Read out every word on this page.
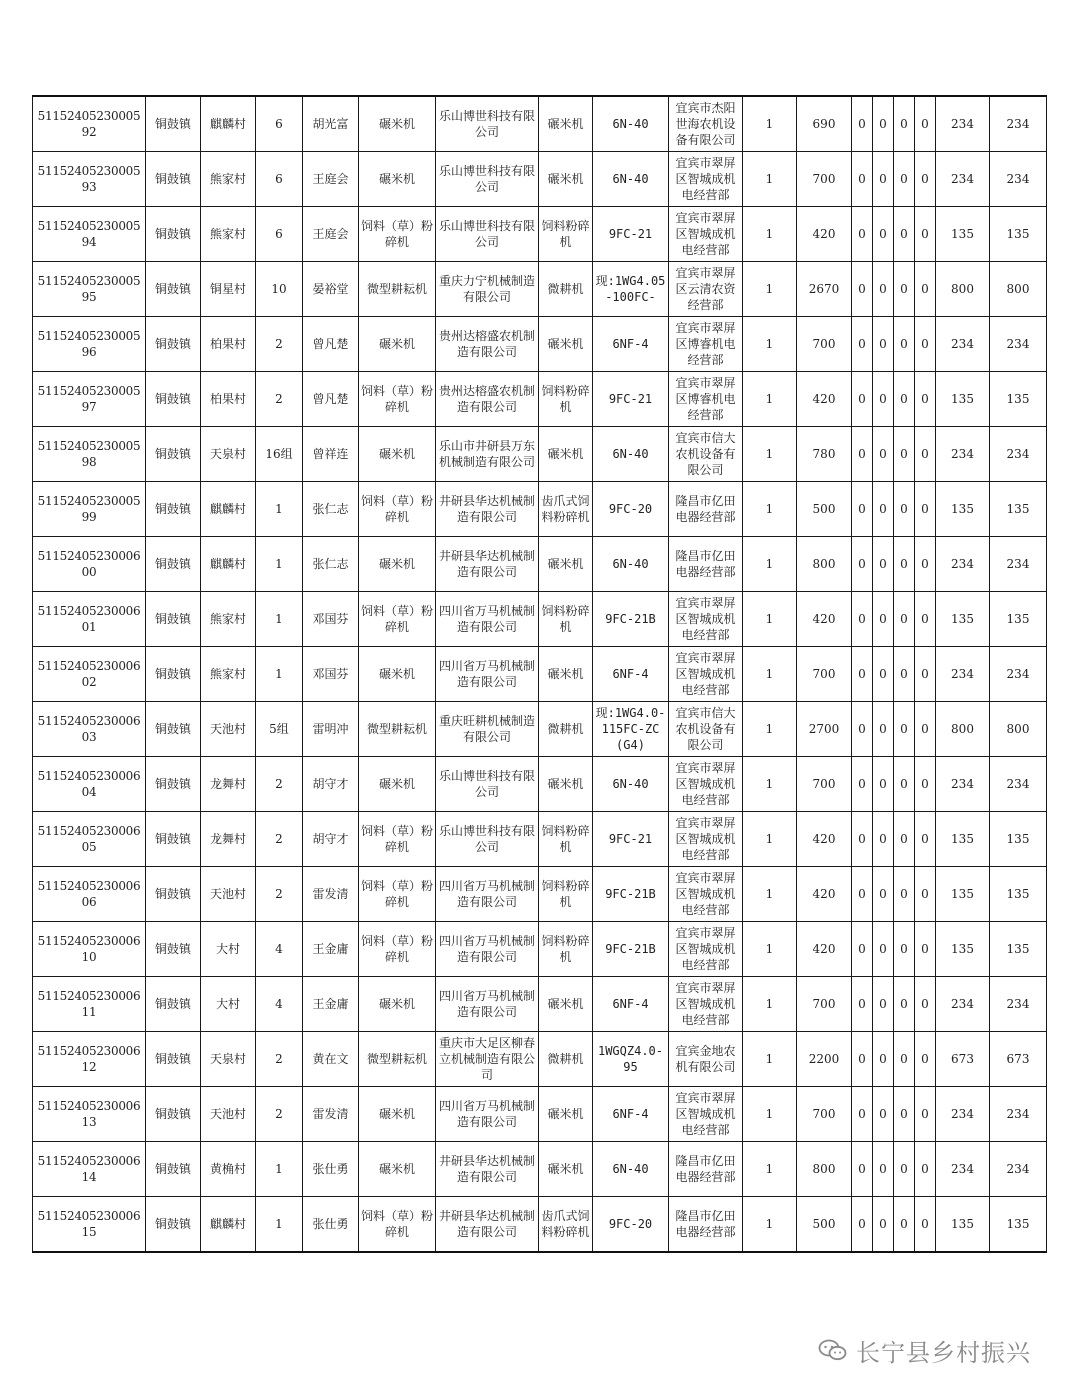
5115240523000592	铜鼓镇	麒麟村	6	胡光富	碾米机	乐山博世科技有限公司	碾米机	6N-40	宜宾市杰阳世海农机设备有限公司	1	690	0	0	0	0	234	234
5115240523000593	铜鼓镇	熊家村	6	王庭会	碾米机	乐山博世科技有限公司	碾米机	6N-40	宜宾市翠屏区智城成机电经营部	1	700	0	0	0	0	234	234
5115240523000594	铜鼓镇	熊家村	6	王庭会	饲料（草）粉碎机	乐山博世科技有限公司	饲料粉碎机	9FC-21	宜宾市翠屏区智城成机电经营部	1	420	0	0	0	0	135	135
5115240523000595	铜鼓镇	铜星村	10	晏裕堂	微型耕耘机	重庆力宁机械制造有限公司	微耕机	现:1WG4.05-100FC-	宜宾市翠屏区云清农资经营部	1	2670	0	0	0	0	800	800
5115240523000596	铜鼓镇	柏果村	2	曾凡楚	碾米机	贵州达榕盛农机制造有限公司	碾米机	6NF-4	宜宾市翠屏区博睿机电经营部	1	700	0	0	0	0	234	234
5115240523000597	铜鼓镇	柏果村	2	曾凡楚	饲料（草）粉碎机	贵州达榕盛农机制造有限公司	饲料粉碎机	9FC-21	宜宾市翠屏区博睿机电经营部	1	420	0	0	0	0	135	135
5115240523000598	铜鼓镇	天泉村	16组	曾祥连	碾米机	乐山市井研县万东机械制造有限公司	碾米机	6N-40	宜宾市信大农机设备有限公司	1	780	0	0	0	0	234	234
5115240523000599	铜鼓镇	麒麟村	1	张仁志	饲料（草）粉碎机	井研县华达机械制造有限公司	齿爪式饲料粉碎机	9FC-20	隆昌市亿田电器经营部	1	500	0	0	0	0	135	135
5115240523000600	铜鼓镇	麒麟村	1	张仁志	碾米机	井研县华达机械制造有限公司	碾米机	6N-40	隆昌市亿田电器经营部	1	800	0	0	0	0	234	234
5115240523000601	铜鼓镇	熊家村	1	邓国芬	饲料（草）粉碎机	四川省万马机械制造有限公司	饲料粉碎机	9FC-21B	宜宾市翠屏区智城成机电经营部	1	420	0	0	0	0	135	135
5115240523000602	铜鼓镇	熊家村	1	邓国芬	碾米机	四川省万马机械制造有限公司	碾米机	6NF-4	宜宾市翠屏区智城成机电经营部	1	700	0	0	0	0	234	234
5115240523000603	铜鼓镇	天池村	5组	雷明冲	微型耕耘机	重庆旺耕机械制造有限公司	微耕机	现:1WG4.0-115FC-ZC(G4)	宜宾市信大农机设备有限公司	1	2700	0	0	0	0	800	800
5115240523000604	铜鼓镇	龙舞村	2	胡守才	碾米机	乐山博世科技有限公司	碾米机	6N-40	宜宾市翠屏区智城成机电经营部	1	700	0	0	0	0	234	234
5115240523000605	铜鼓镇	龙舞村	2	胡守才	饲料（草）粉碎机	乐山博世科技有限公司	饲料粉碎机	9FC-21	宜宾市翠屏区智城成机电经营部	1	420	0	0	0	0	135	135
5115240523000606	铜鼓镇	天池村	2	雷发清	饲料（草）粉碎机	四川省万马机械制造有限公司	饲料粉碎机	9FC-21B	宜宾市翠屏区智城成机电经营部	1	420	0	0	0	0	135	135
5115240523000610	铜鼓镇	大村	4	王金庸	饲料（草）粉碎机	四川省万马机械制造有限公司	饲料粉碎机	9FC-21B	宜宾市翠屏区智城成机电经营部	1	420	0	0	0	0	135	135
5115240523000611	铜鼓镇	大村	4	王金庸	碾米机	四川省万马机械制造有限公司	碾米机	6NF-4	宜宾市翠屏区智城成机电经营部	1	700	0	0	0	0	234	234
5115240523000612	铜鼓镇	天泉村	2	黄在文	微型耕耘机	重庆市大足区柳春立机械制造有限公司	微耕机	1WGQZ4.0-95	宜宾金地农机有限公司	1	2200	0	0	0	0	673	673
5115240523000613	铜鼓镇	天池村	2	雷发清	碾米机	四川省万马机械制造有限公司	碾米机	6NF-4	宜宾市翠屏区智城成机电经营部	1	700	0	0	0	0	234	234
5115240523000614	铜鼓镇	黄桷村	1	张仕勇	碾米机	井研县华达机械制造有限公司	碾米机	6N-40	隆昌市亿田电器经营部	1	800	0	0	0	0	234	234
5115240523000615	铜鼓镇	麒麟村	1	张仕勇	饲料（草）粉碎机	井研县华达机械制造有限公司	齿爪式饲料粉碎机	9FC-20	隆昌市亿田电器经营部	1	500	0	0	0	0	135	135
长宁县乡村振兴
